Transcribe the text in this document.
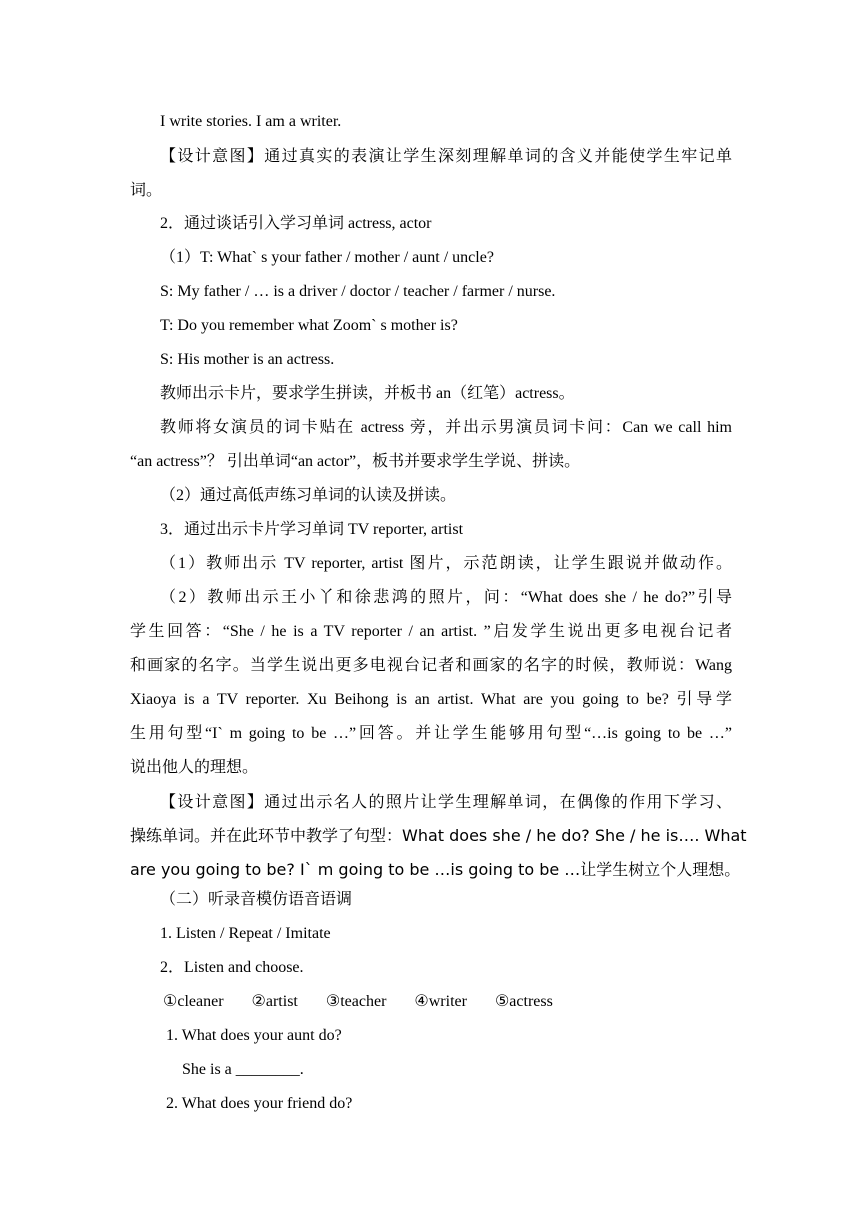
I write stories. I am a writer.
【设计意图】通过真实的表演让学生深刻理解单词的含义并能使学生牢记单
词。
2．通过谈话引入学习单词 actress, actor
（1）T: What` s your father / mother / aunt / uncle?
S: My father / … is a driver / doctor / teacher / farmer / nurse.
T: Do you remember what Zoom` s mother is?
S: His mother is an actress.
教师出示卡片，要求学生拼读，并板书 an（红笔）actress。
教师将女演员的词卡贴在 actress 旁，并出示男演员词卡问：Can we call him
“an actress”？ 引出单词“an actor”，板书并要求学生学说、拼读。
（2）通过高低声练习单词的认读及拼读。
3．通过出示卡片学习单词 TV reporter, artist
（1）教师出示 TV reporter, artist 图片，示范朗读，让学生跟说并做动作。
（2）教师出示王小丫和徐悲鸿的照片，问：“What does she / he do?”引导
学生回答：“She / he is a TV reporter / an artist. ”启发学生说出更多电视台记者
和画家的名字。当学生说出更多电视台记者和画家的名字的时候，教师说：Wang
Xiaoya is a TV reporter. Xu Beihong is an artist. What are you going to be? 引导学
生用句型“I` m going to be …”回答。并让学生能够用句型“…is going to be …”
说出他人的理想。
【设计意图】通过出示名人的照片让学生理解单词，在偶像的作用下学习、
操练单词。并在此环节中教学了句型：What does she / he do? She / he is…. What
are you going to be? I` m going to be …is going to be …让学生树立个人理想。
（二）听录音模仿语音语调
1. Listen / Repeat / Imitate
2．Listen and choose.
①cleaner ②artist ③teacher ④writer ⑤actress
1. What does your aunt do?
She is a ________.
2. What does your friend do?
